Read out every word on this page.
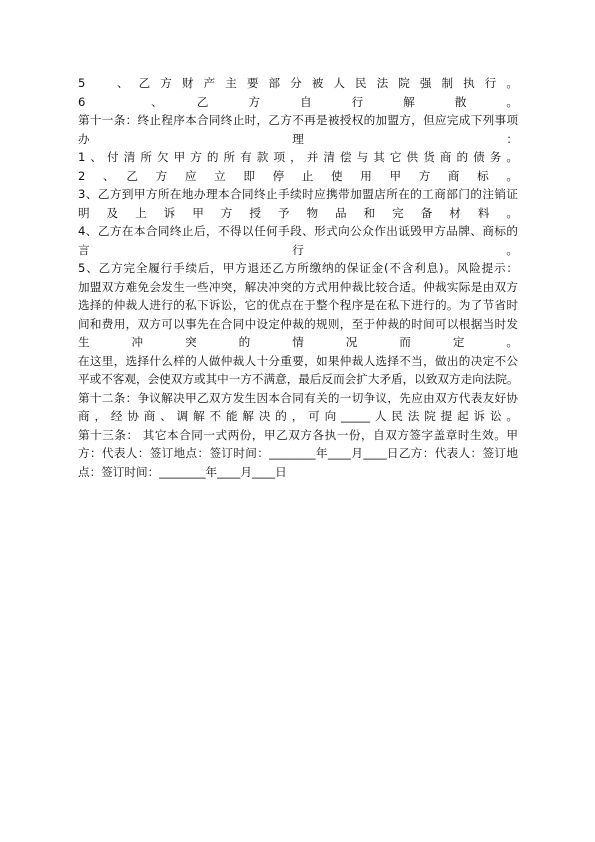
5　、乙方财产主要部分被人民法院强制执行。
6　　、　乙　方　自　行　解　散　。
第十一条：终止程序本合同终止时，乙方不再是被授权的加盟方，但应完成下列事项
办　　　　　　　　　　　　　理　　　　　　　　　　　　　：
1、付清所欠甲方的所有款项，并清偿与其它供货商的债务。
2　、　乙　方　应　立　即　停　止　使　用　甲　方　商　标　。
3、乙方到甲方所在地办理本合同终止手续时应携带加盟店所在的工商部门的注销证
明及上诉甲方授予物品和完备材料。
4、乙方在本合同终止后，不得以任何手段、形式向公众作出诋毁甲方品牌、商标的
言　　　　　　　　　　　　　行　　　　　　　　　　　　　。
5、乙方完全履行手续后，甲方退还乙方所缴纳的保证金(不含利息)。风险提示：
加盟双方难免会发生一些冲突，解决冲突的方式用仲裁比较合适。仲裁实际是由双方
选择的仲裁人进行的私下诉讼，它的优点在于整个程序是在私下进行的。为了节省时
间和费用，双方可以事先在合同中设定仲裁的规则，至于仲裁的时间可以根据当时发
生　　　冲　　　突　　　的　　　情　　　况　　　而　　　定　　　。
在这里，选择什么样的人做仲裁人十分重要，如果仲裁人选择不当，做出的决定不公
平或不客观，会使双方或其中一方不满意，最后反而会扩大矛盾，以致双方走向法院。
第十二条：争议解决甲乙双方发生因本合同有关的一切争议，先应由双方代表友好协
商，经协商、调解不能解决的，可向_____人民法院提起诉讼。
第十三条： 其它本合同一式两份，甲乙双方各执一份，自双方签字盖章时生效。甲
方：代表人：签订地点：签订时间：________年____月____日乙方：代表人：签订地
点：签订时间：________年____月____日
